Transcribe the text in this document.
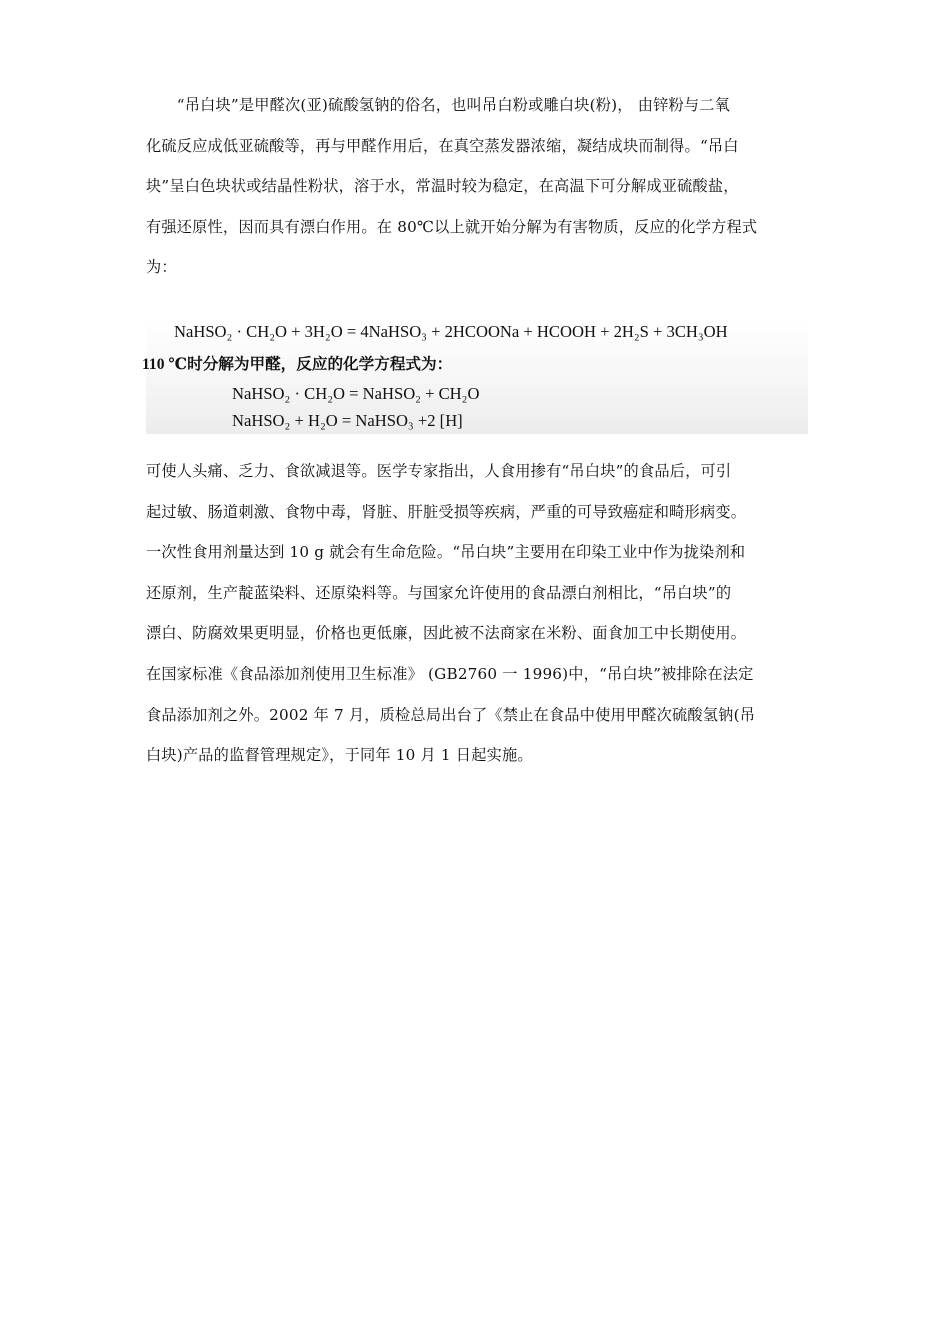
　　“吊白块”是甲醛次(亚)硫酸氢钠的俗名，也叫吊白粉或雕白块(粉)， 由锌粉与二氧
化硫反应成低亚硫酸等，再与甲醛作用后，在真空蒸发器浓缩，凝结成块而制得。“吊白
块”呈白色块状或结晶性粉状，溶于水，常温时较为稳定，在高温下可分解成亚硫酸盐，
有强还原性，因而具有漂白作用。在 80℃以上就开始分解为有害物质，反应的化学方程式
为：

NaHSO₂ · CH₂O + 3H₂O = 4NaHSO₃ + 2HCOONa + HCOOH + 2H₂S + 3CH₃OH
110 ℃时分解为甲醛，反应的化学方程式为：
NaHSO₂ · CH₂O = NaHSO₂ + CH₂O
NaHSO₂ + H₂O = NaHSO₃ +2 [H]

可使人头痛、乏力、食欲减退等。医学专家指出，人食用掺有“吊白块”的食品后，可引
起过敏、肠道刺激、食物中毒，肾脏、肝脏受损等疾病，严重的可导致癌症和畸形病变。
一次性食用剂量达到 10 g 就会有生命危险。“吊白块”主要用在印染工业中作为拢染剂和
还原剂，生产靛蓝染料、还原染料等。与国家允许使用的食品漂白剂相比，“吊白块”的
漂白、防腐效果更明显，价格也更低廉，因此被不法商家在米粉、面食加工中长期使用。
在国家标准《食品添加剂使用卫生标准》 (GB2760 一 1996)中，“吊白块”被排除在法定
食品添加剂之外。2002 年 7 月，质检总局出台了《禁止在食品中使用甲醛次硫酸氢钠(吊
白块)产品的监督管理规定》，于同年 10 月 1 日起实施。
